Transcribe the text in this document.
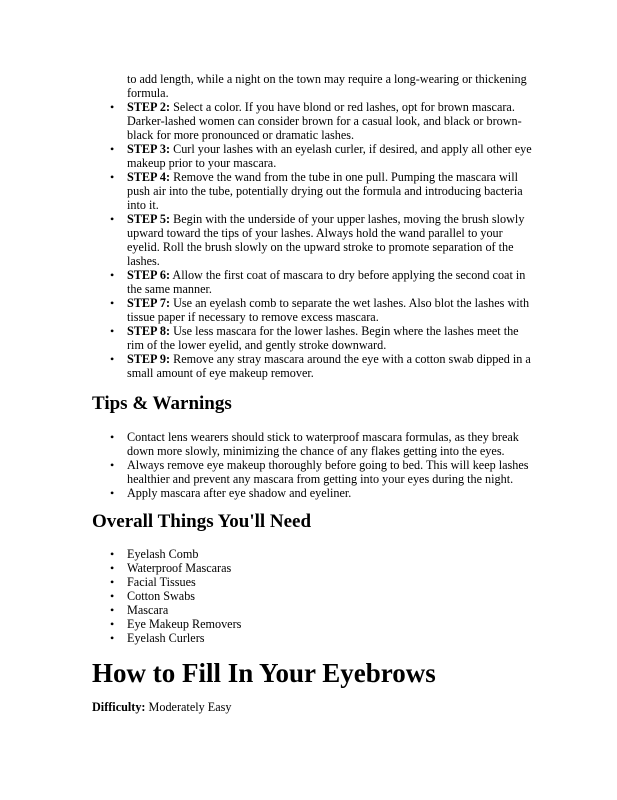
to add length, while a night on the town may require a long-wearing or thickening formula.

• STEP 2: Select a color. If you have blond or red lashes, opt for brown mascara. Darker-lashed women can consider brown for a casual look, and black or brown-black for more pronounced or dramatic lashes.
• STEP 3: Curl your lashes with an eyelash curler, if desired, and apply all other eye makeup prior to your mascara.
• STEP 4: Remove the wand from the tube in one pull. Pumping the mascara will push air into the tube, potentially drying out the formula and introducing bacteria into it.
• STEP 5: Begin with the underside of your upper lashes, moving the brush slowly upward toward the tips of your lashes. Always hold the wand parallel to your eyelid. Roll the brush slowly on the upward stroke to promote separation of the lashes.
• STEP 6: Allow the first coat of mascara to dry before applying the second coat in the same manner.
• STEP 7: Use an eyelash comb to separate the wet lashes. Also blot the lashes with tissue paper if necessary to remove excess mascara.
• STEP 8: Use less mascara for the lower lashes. Begin where the lashes meet the rim of the lower eyelid, and gently stroke downward.
• STEP 9: Remove any stray mascara around the eye with a cotton swab dipped in a small amount of eye makeup remover.
Tips & Warnings
• Contact lens wearers should stick to waterproof mascara formulas, as they break down more slowly, minimizing the chance of any flakes getting into the eyes.
• Always remove eye makeup thoroughly before going to bed. This will keep lashes healthier and prevent any mascara from getting into your eyes during the night.
• Apply mascara after eye shadow and eyeliner.
Overall Things You'll Need
• Eyelash Comb
• Waterproof Mascaras
• Facial Tissues
• Cotton Swabs
• Mascara
• Eye Makeup Removers
• Eyelash Curlers
How to Fill In Your Eyebrows

Difficulty: Moderately Easy
